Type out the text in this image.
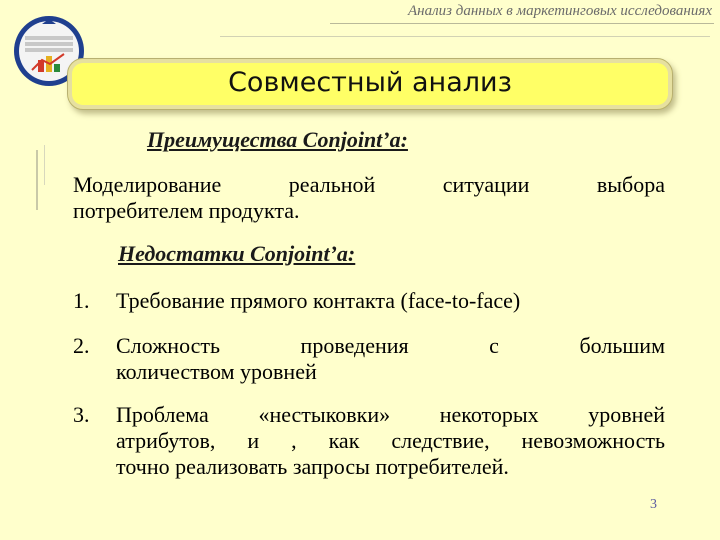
Анализ данных в маркетинговых исследованиях
Совместный анализ
Преимущества Conjoint’a:
Моделирование реальной ситуации выбора
потребителем продукта.
Недостатки Conjoint’a:
1. Требование прямого контакта (face-to-face)
2. Сложность проведения с большим
количеством уровней
3. Проблема «нестыковки» некоторых уровней
атрибутов, и , как следствие, невозможность
точно реализовать запросы потребителей.
3
